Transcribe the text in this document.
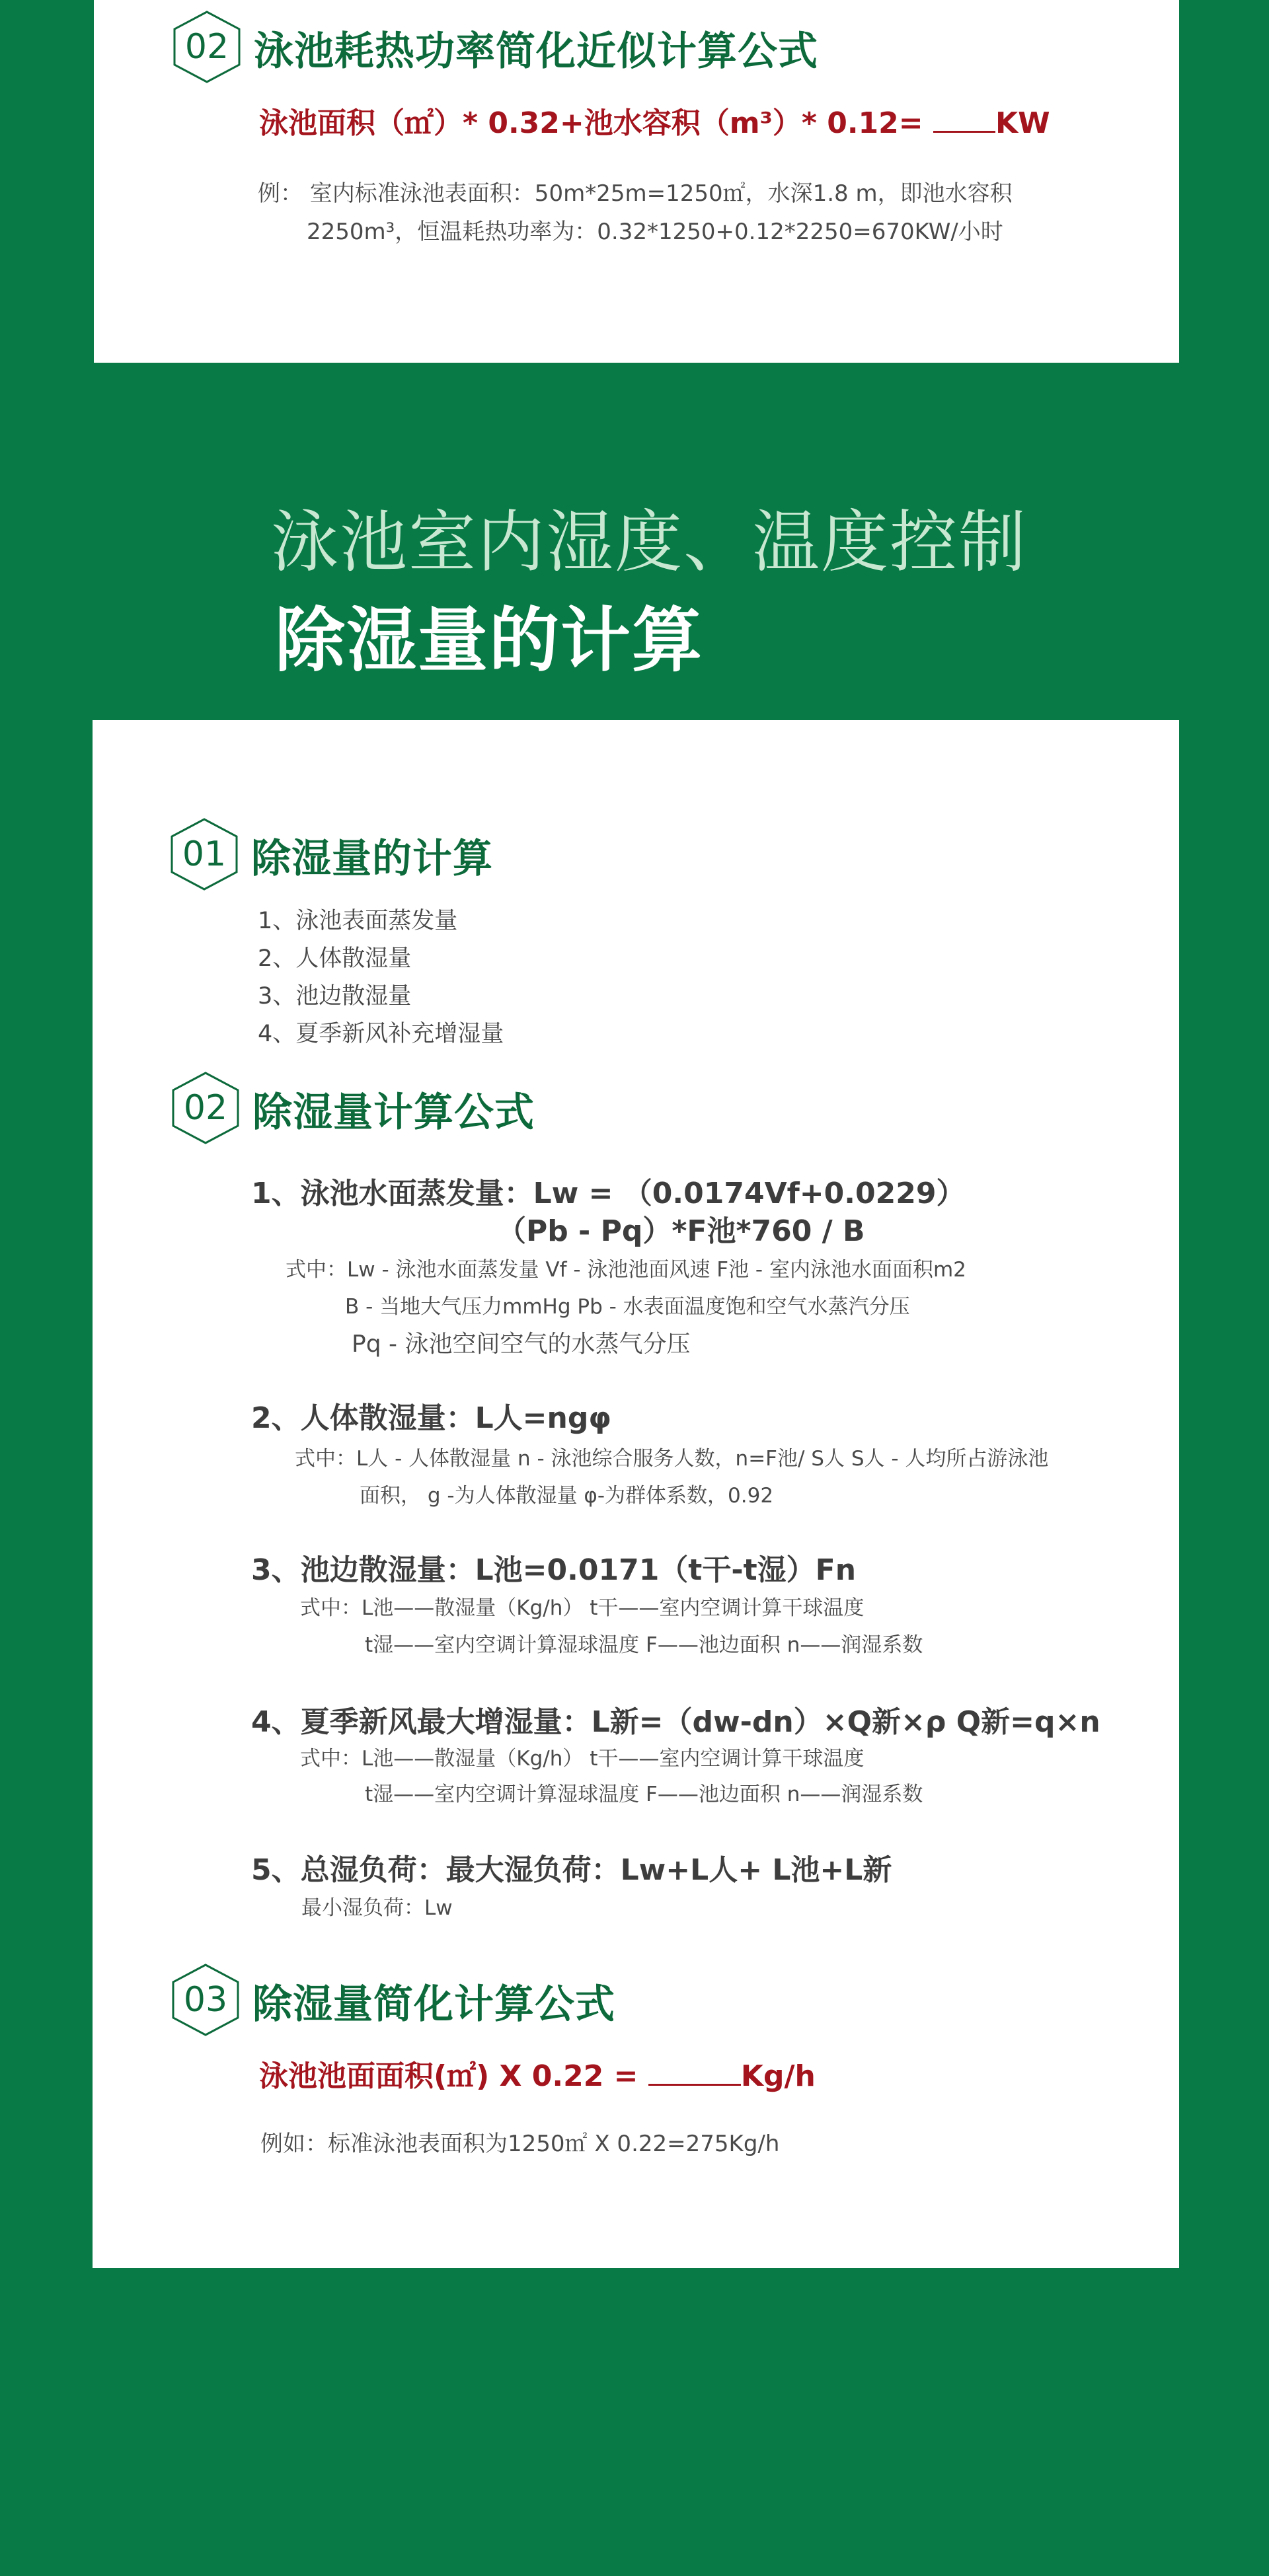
02 泳池耗热功率简化近似计算公式
泳池面积（㎡）* 0.32+池水容积（m³）* 0.12= KW
例： 室内标准泳池表面积：50m*25m=1250㎡，水深1.8 m，即池水容积
2250m³，恒温耗热功率为：0.32*1250+0.12*2250=670KW/小时
泳池室内湿度、温度控制
除湿量的计算
01 除湿量的计算
1、泳池表面蒸发量
2、人体散湿量
3、池边散湿量
4、夏季新风补充增湿量
02 除湿量计算公式
1、泳池水面蒸发量：Lw = （0.0174Vf+0.0229）
（Pb - Pq）*F池*760 / B
式中：Lw - 泳池水面蒸发量 Vf - 泳池池面风速 F池 - 室内泳池水面面积m2
B - 当地大气压力mmHg Pb - 水表面温度饱和空气水蒸汽分压
Pq - 泳池空间空气的水蒸气分压
2、人体散湿量：L人=ngφ
式中：L人 - 人体散湿量 n - 泳池综合服务人数，n=F池/ S人 S人 - 人均所占游泳池
面积， g -为人体散湿量 φ-为群体系数，0.92
3、池边散湿量：L池=0.0171（t干-t湿）Fn
式中：L池——散湿量（Kg/h） t干——室内空调计算干球温度
t湿——室内空调计算湿球温度 F——池边面积 n——润湿系数
4、夏季新风最大增湿量：L新=（dw-dn）×Q新×ρ Q新=q×n
式中：L池——散湿量（Kg/h） t干——室内空调计算干球温度
t湿——室内空调计算湿球温度 F——池边面积 n——润湿系数
5、总湿负荷：最大湿负荷：Lw+L人+ L池+L新
最小湿负荷：Lw
03 除湿量简化计算公式
泳池池面面积(㎡) X 0.22 =	Kg/h
例如：标准泳池表面积为1250㎡ X 0.22=275Kg/h
